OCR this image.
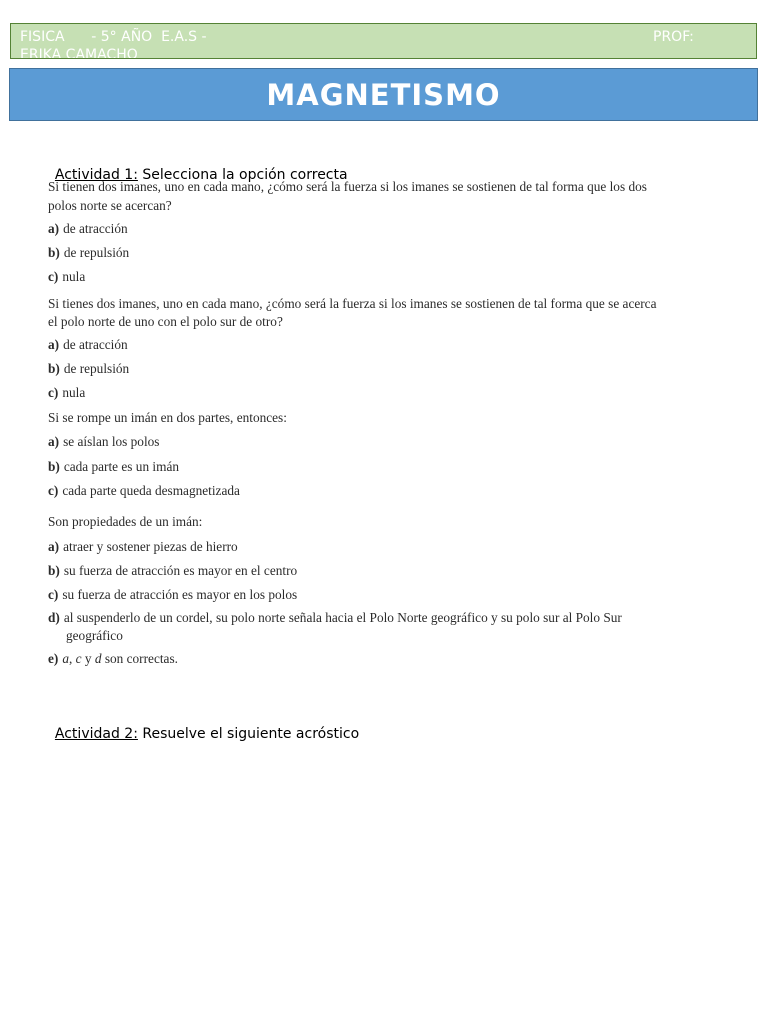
FISICA      - 5° AÑO  E.A.S -	PROF:
ERIKA CAMACHO
MAGNETISMO

Actividad 1: Selecciona la opción correcta

Si tienen dos imanes, uno en cada mano, ¿cómo será la fuerza si los imanes se sostienen de tal forma que los dos
polos norte se acercan?
a) de atracción
b) de repulsión
c) nula
Si tienes dos imanes, uno en cada mano, ¿cómo será la fuerza si los imanes se sostienen de tal forma que se acerca
el polo norte de uno con el polo sur de otro?
a) de atracción
b) de repulsión
c) nula
Si se rompe un imán en dos partes, entonces:
a) se aíslan los polos
b) cada parte es un imán
c) cada parte queda desmagnetizada
Son propiedades de un imán:
a) atraer y sostener piezas de hierro
b) su fuerza de atracción es mayor en el centro
c) su fuerza de atracción es mayor en los polos
d) al suspenderlo de un cordel, su polo norte señala hacia el Polo Norte geográfico y su polo sur al Polo Sur
geográfico
e) a, c y d son correctas.

Actividad 2: Resuelve el siguiente acróstico
